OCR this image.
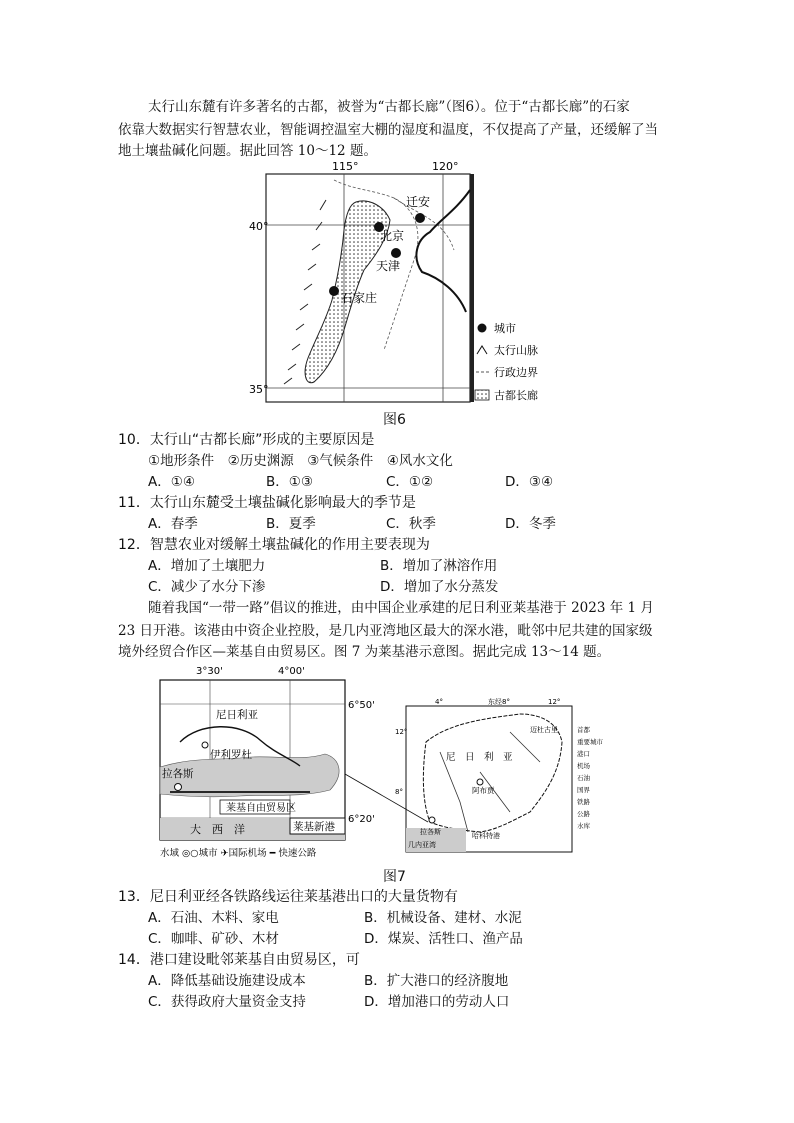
太行山东麓有许多著名的古都，被誉为“古都长廊”（图6）。位于“古都长廊”的石家
依靠大数据实行智慧农业，智能调控温室大棚的湿度和温度，不仅提高了产量，还缓解了当
地土壤盐碱化问题。据此回答 10～12 题。
115°	120°
40°
35°
迁安
北京
天津
石家庄
城市
太行山脉
行政边界
古都长廊
图6
10．太行山“古都长廊”形成的主要原因是
①地形条件　②历史渊源　③气候条件　④风水文化
A．①④	B．①③	C．①②	D．③④
11．太行山东麓受土壤盐碱化影响最大的季节是
A．春季	B．夏季	C．秋季	D．冬季
12．智慧农业对缓解土壤盐碱化的作用主要表现为
A．增加了土壤肥力	B．增加了淋溶作用
C．减少了水分下渗	D．增加了水分蒸发
随着我国“一带一路”倡议的推进，由中国企业承建的尼日利亚莱基港于 2023 年 1 月
23 日开港。该港由中资企业控股，是几内亚湾地区最大的深水港，毗邻中尼共建的国家级
境外经贸合作区—莱基自由贸易区。图 7 为莱基港示意图。据此完成 13～14 题。
3°30'	4°00'
6°50'
6°20'
尼日利亚
伊利罗杜
拉各斯
莱基自由贸易区
大　西　洋	莱基新港
水域 ◎○城市 ✈国际机场 ━ 快速公路
4°	东经8°	12°
12°
8°
尼　日　利　亚
阿布贾
拉各斯
几内亚湾
哈科特港
迈杜古里	首都
重要城市
港口
机场
石油
国界
铁路
公路
水库
图7
13．尼日利亚经各铁路线运往莱基港出口的大量货物有
A．石油、木料、家电	B．机械设备、建材、水泥
C．咖啡、矿砂、木材	D．煤炭、活牲口、渔产品
14．港口建设毗邻莱基自由贸易区，可
A．降低基础设施建设成本	B．扩大港口的经济腹地
C．获得政府大量资金支持	D．增加港口的劳动人口
